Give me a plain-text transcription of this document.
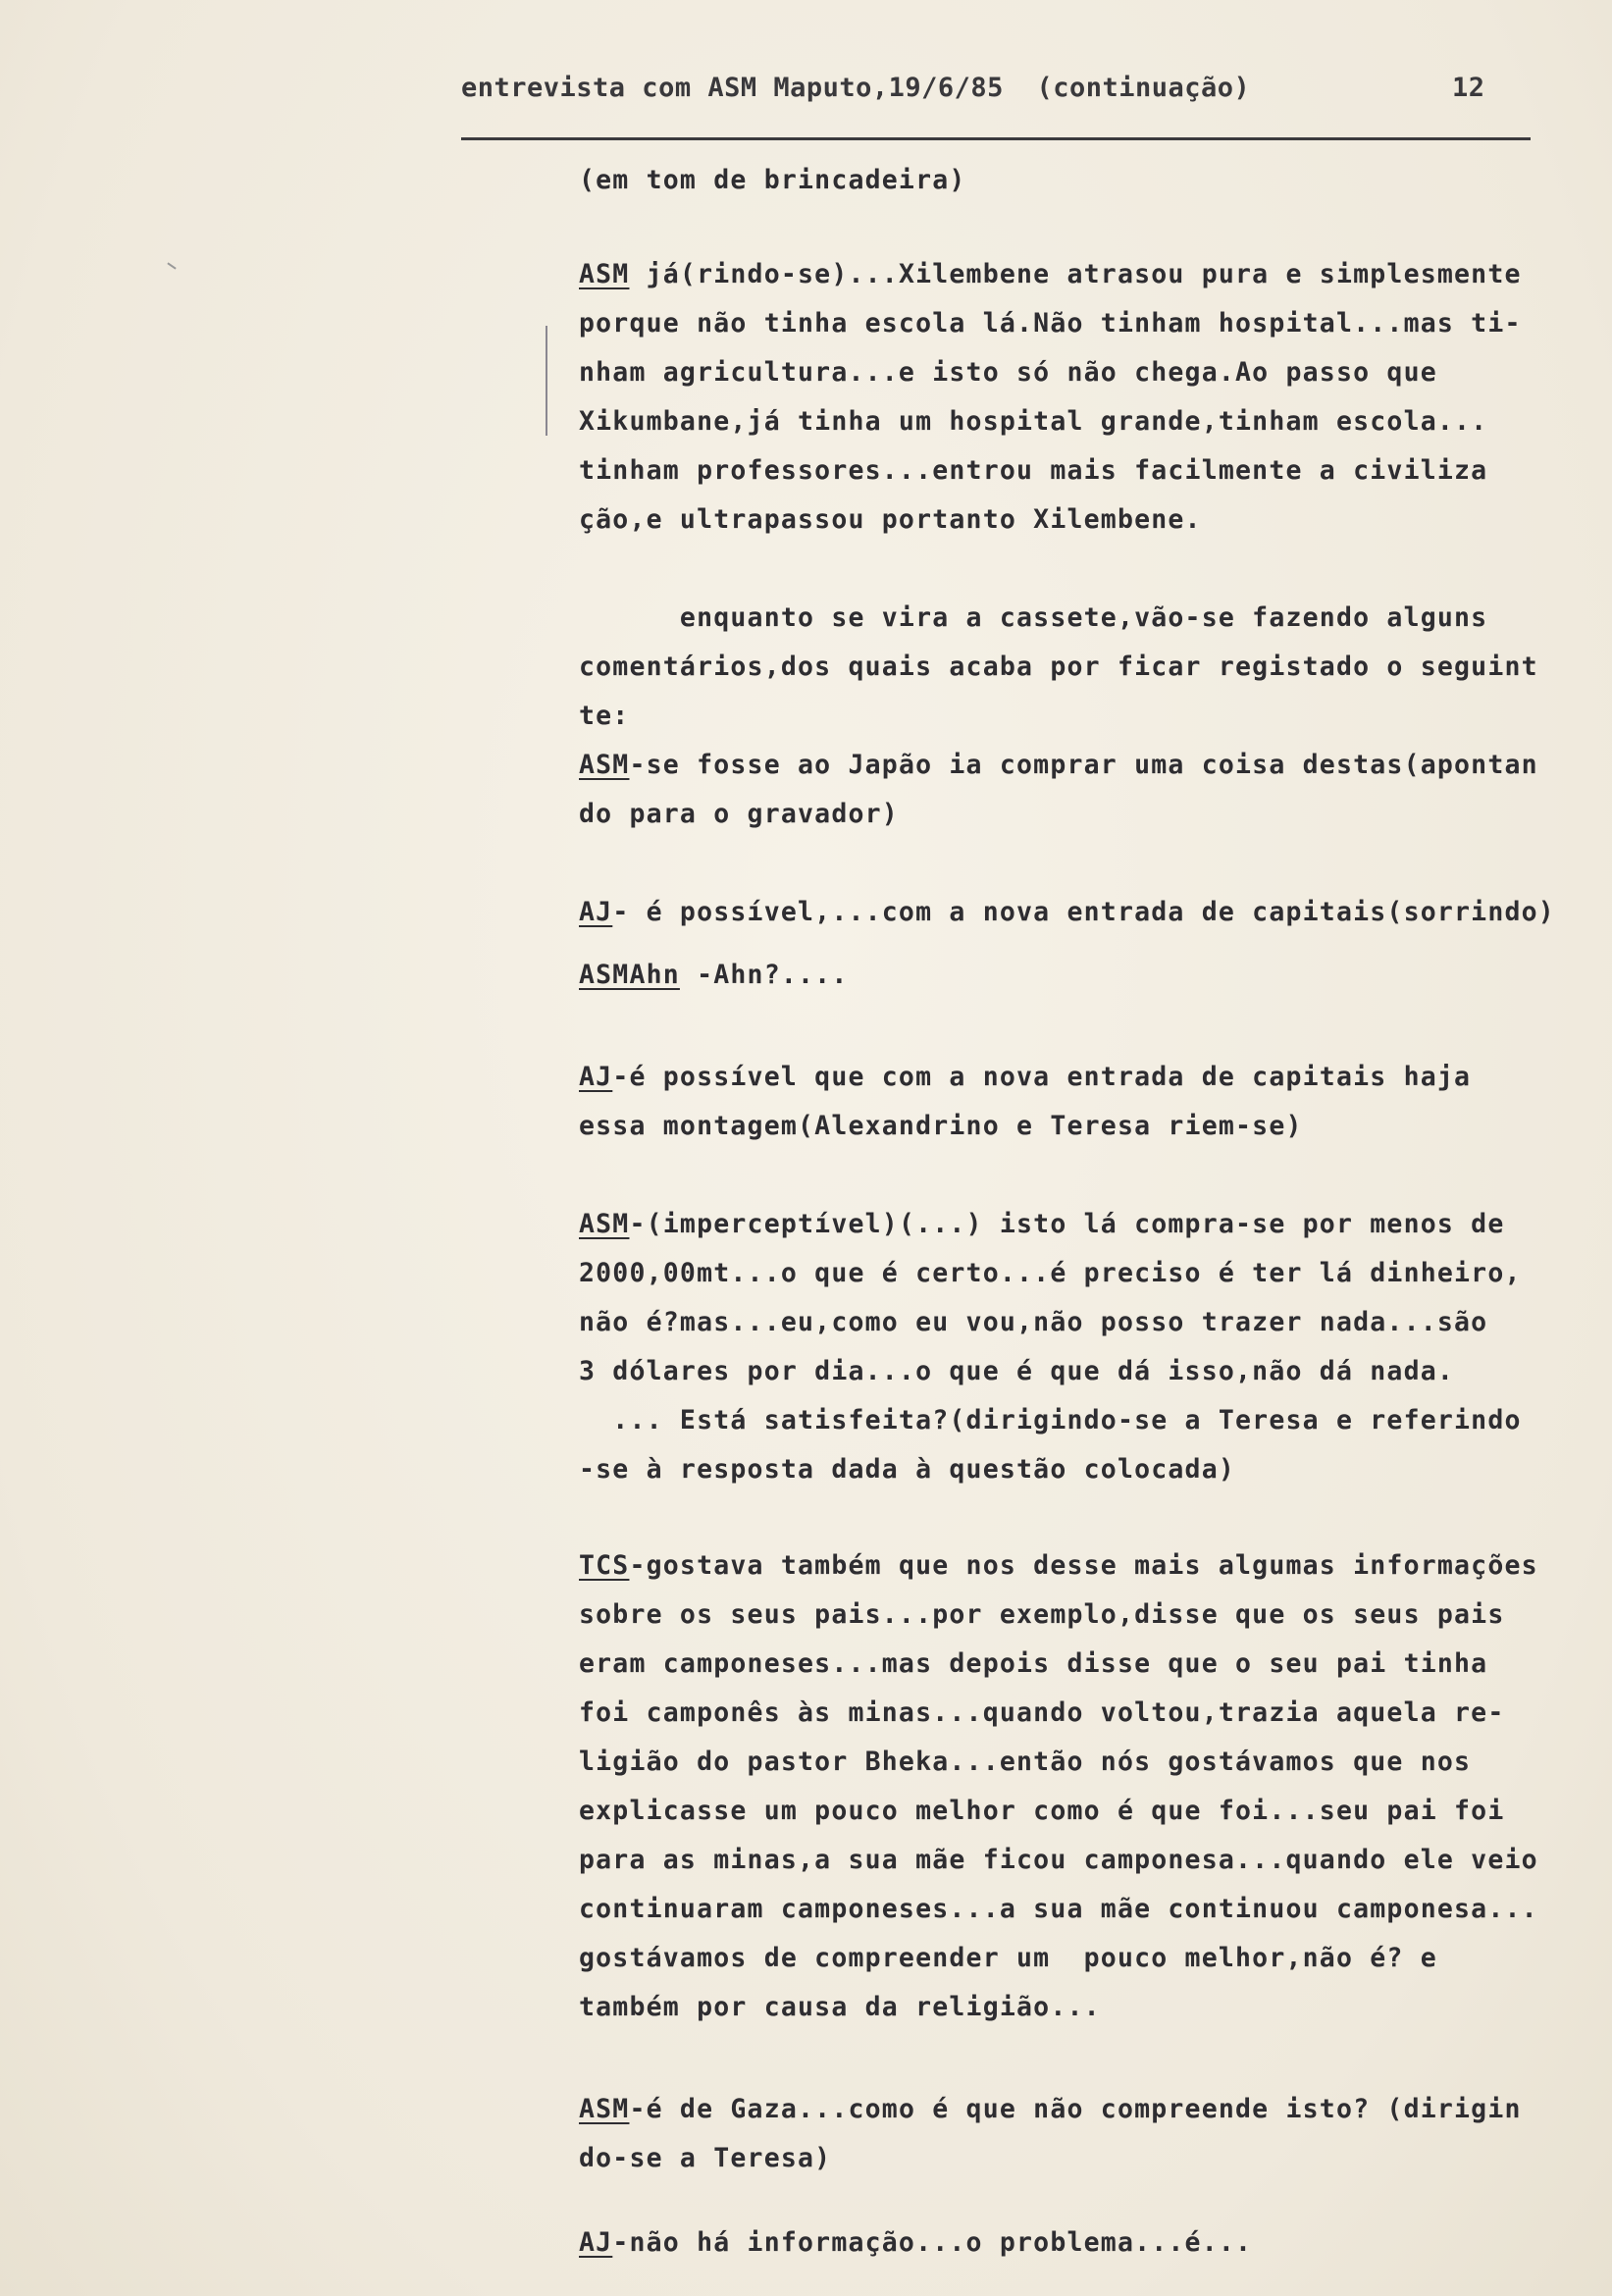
entrevista com ASM Maputo,19/6/85  (continuação)	12
(em tom de brincadeira)
ASM já(rindo-se)...Xilembene atrasou pura e simplesmente
porque não tinha escola lá.Não tinham hospital...mas ti-
nham agricultura...e isto só não chega.Ao passo que
Xikumbane,já tinha um hospital grande,tinham escola...
tinham professores...entrou mais facilmente a civiliza
ção,e ultrapassou portanto Xilembene.
enquanto se vira a cassete,vão-se fazendo alguns
comentários,dos quais acaba por ficar registado o seguint
te:
ASM-se fosse ao Japão ia comprar uma coisa destas(apontan
do para o gravador)
AJ- é possível,...com a nova entrada de capitais(sorrindo)
ASMAhn -Ahn?....
AJ-é possível que com a nova entrada de capitais haja
essa montagem(Alexandrino e Teresa riem-se)
ASM-(imperceptível)(...) isto lá compra-se por menos de
2000,00mt...o que é certo...é preciso é ter lá dinheiro,
não é?mas...eu,como eu vou,não posso trazer nada...são
3 dólares por dia...o que é que dá isso,não dá nada.
... Está satisfeita?(dirigindo-se a Teresa e referindo
-se à resposta dada à questão colocada)
TCS-gostava também que nos desse mais algumas informações
sobre os seus pais...por exemplo,disse que os seus pais
eram camponeses...mas depois disse que o seu pai tinha
foi camponês às minas...quando voltou,trazia aquela re-
ligião do pastor Bheka...então nós gostávamos que nos
explicasse um pouco melhor como é que foi...seu pai foi
para as minas,a sua mãe ficou camponesa...quando ele veio
continuaram camponeses...a sua mãe continuou camponesa...
gostávamos de compreender um  pouco melhor,não é? e
também por causa da religião...
ASM-é de Gaza...como é que não compreende isto? (dirigin
do-se a Teresa)
AJ-não há informação...o problema...é...
